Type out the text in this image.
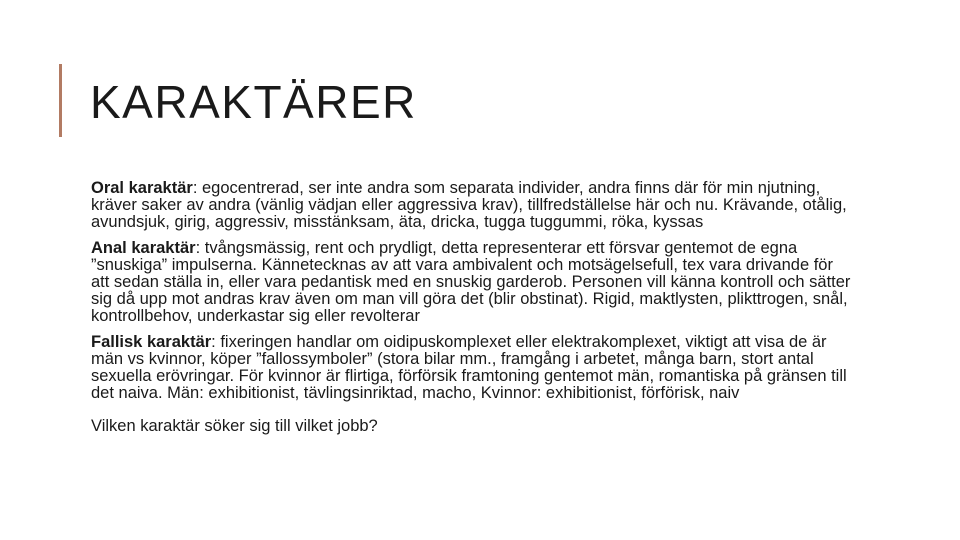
KARAKTÄRER

Oral karaktär: egocentrerad, ser inte andra som separata individer, andra finns där för min njutning, kräver saker av andra (vänlig vädjan eller aggressiva krav), tillfredställelse här och nu. Krävande, otålig, avundsjuk, girig, aggressiv, misstänksam, äta, dricka, tugga tuggummi, röka, kyssas

Anal karaktär: tvångsmässig, rent och prydligt, detta representerar ett försvar gentemot de egna ”snuskiga” impulserna. Kännetecknas av att vara ambivalent och motsägelsefull, tex vara drivande för att sedan ställa in, eller vara pedantisk med en snuskig garderob. Personen vill känna kontroll och sätter sig då upp mot andras krav även om man vill göra det (blir obstinat). Rigid, maktlysten, plikttrogen, snål, kontrollbehov, underkastar sig eller revolterar

Fallisk karaktär: fixeringen handlar om oidipuskomplexet eller elektrakomplexet, viktigt att visa de är män vs kvinnor, köper ”fallossymboler” (stora bilar mm., framgång i arbetet, många barn, stort antal sexuella erövringar. För kvinnor är flirtiga, förförsik framtoning gentemot män, romantiska på gränsen till det naiva. Män: exhibitionist, tävlingsinriktad, macho, Kvinnor: exhibitionist, förförisk, naiv

Vilken karaktär söker sig till vilket jobb?
